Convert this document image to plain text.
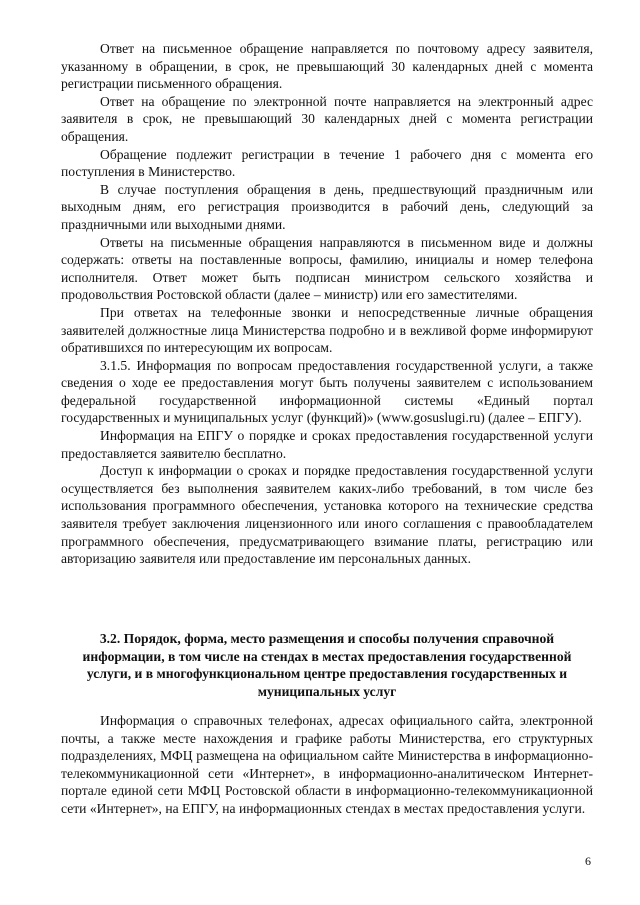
Ответ на письменное обращение направляется по почтовому адресу заявителя, указанному в обращении, в срок, не превышающий 30 календарных дней с момента регистрации письменного обращения.

Ответ на обращение по электронной почте направляется на электронный адрес заявителя в срок, не превышающий 30 календарных дней с момента регистрации обращения.

Обращение подлежит регистрации в течение 1 рабочего дня с момента его поступления в Министерство.

В случае поступления обращения в день, предшествующий праздничным или выходным дням, его регистрация производится в рабочий день, следующий за праздничными или выходными днями.

Ответы на письменные обращения направляются в письменном виде и должны содержать: ответы на поставленные вопросы, фамилию, инициалы и номер телефона исполнителя. Ответ может быть подписан министром сельского хозяйства и продовольствия Ростовской области (далее – министр) или его заместителями.

При ответах на телефонные звонки и непосредственные личные обращения заявителей должностные лица Министерства подробно и в вежливой форме информируют обратившихся по интересующим их вопросам.

3.1.5. Информация по вопросам предоставления государственной услуги, а также сведения о ходе ее предоставления могут быть получены заявителем с использованием федеральной государственной информационной системы «Единый портал государственных и муниципальных услуг (функций)» (www.gosuslugi.ru) (далее – ЕПГУ).

Информация на ЕПГУ о порядке и сроках предоставления государственной услуги предоставляется заявителю бесплатно.

Доступ к информации о сроках и порядке предоставления государственной услуги осуществляется без выполнения заявителем каких-либо требований, в том числе без использования программного обеспечения, установка которого на технические средства заявителя требует заключения лицензионного или иного соглашения с правообладателем программного обеспечения, предусматривающего взимание платы, регистрацию или авторизацию заявителя или предоставление им персональных данных.

3.2. Порядок, форма, место размещения и способы получения справочной информации, в том числе на стендах в местах предоставления государственной услуги, и в многофункциональном центре предоставления государственных и муниципальных услуг

Информация о справочных телефонах, адресах официального сайта, электронной почты, а также месте нахождения и графике работы Министерства, его структурных подразделениях, МФЦ размещена на официальном сайте Министерства в информационно-телекоммуникационной сети «Интернет», в информационно-аналитическом Интернет-портале единой сети МФЦ Ростовской области в информационно-телекоммуникационной сети «Интернет», на ЕПГУ, на информационных стендах в местах предоставления услуги.

6
